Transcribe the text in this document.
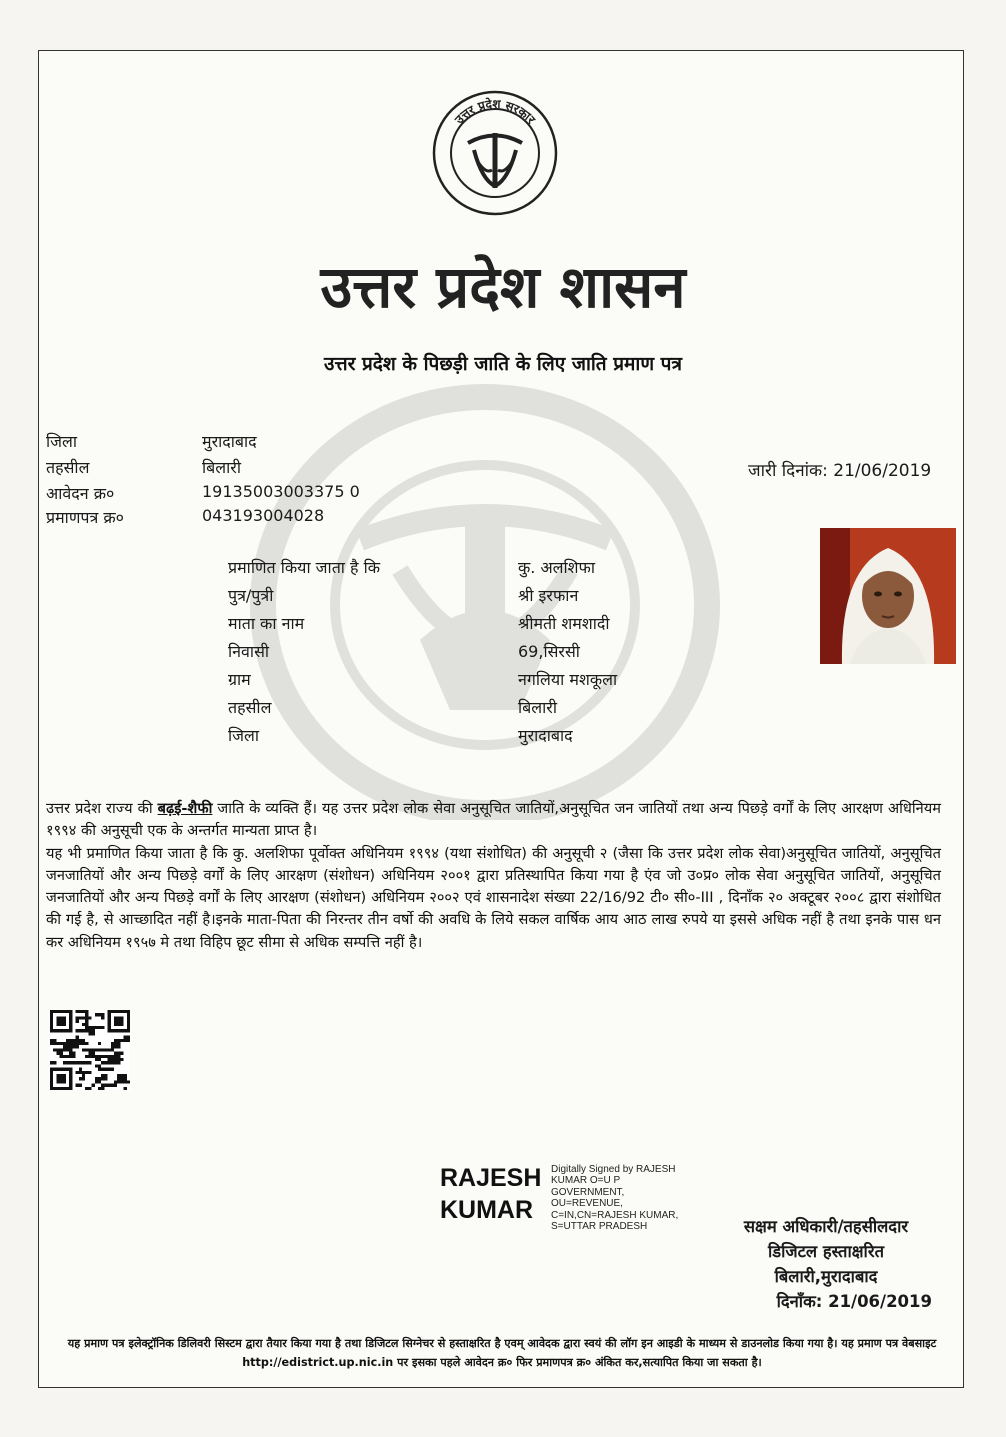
उत्तर प्रदेश सरकार
उत्तर प्रदेश शासन
उत्तर प्रदेश के पिछड़ी जाति के लिए जाति प्रमाण पत्र
जिला	मुरादाबाद
तहसील	बिलारी
आवेदन क्र०	19135003003375 0
प्रमाणपत्र क्र०	043193004028
जारी दिनांक: 21/06/2019
प्रमाणित किया जाता है कि	कु. अलशिफा
पुत्र/पुत्री	श्री इरफान
माता का नाम	श्रीमती शमशादी
निवासी	69,सिरसी
ग्राम	नगलिया मशकूला
तहसील	बिलारी
जिला	मुरादाबाद

उत्तर प्रदेश राज्य की बढ़ई-शैफी जाति के व्यक्ति हैं। यह उत्तर प्रदेश लोक सेवा अनुसूचित जातियों,अनुसूचित जन जातियों तथा अन्य पिछड़े वर्गों के लिए आरक्षण अधिनियम १९९४ की अनुसूची एक के अन्तर्गत मान्यता प्राप्त है।

यह भी प्रमाणित किया जाता है कि कु. अलशिफा पूर्वोक्त अधिनियम १९९४ (यथा संशोधित) की अनुसूची २ (जैसा कि उत्तर प्रदेश लोक सेवा)अनुसूचित जातियों, अनुसूचित जनजातियों और अन्य पिछड़े वर्गों के लिए आरक्षण (संशोधन) अधिनियम २००१ द्वारा प्रतिस्थापित किया गया है एंव जो उ०प्र० लोक सेवा अनुसूचित जातियों, अनुसूचित जनजातियों और अन्य पिछड़े वर्गों के लिए आरक्षण (संशोधन) अधिनियम २००२ एवं शासनादेश संख्या 22/16/92 टी० सी०-III , दिनाँक २० अक्टूबर २००८ द्वारा संशोधित की गई है, से आच्छादित नहीं है।इनके माता-पिता की निरन्तर तीन वर्षो की अवधि के लिये सकल वार्षिक आय आठ लाख रुपये या इससे अधिक नहीं है तथा इनके पास धन कर अधिनियम १९५७ मे तथा विहिप छूट सीमा से अधिक सम्पत्ति नहीं है।

RAJESH
KUMAR
Digitally Signed by RAJESH KUMAR O=U P GOVERNMENT, OU=REVENUE, C=IN,CN=RAJESH KUMAR, S=UTTAR PRADESH	सक्षम अधिकारी/तहसीलदार
डिजिटल हस्ताक्षरित
बिलारी,मुरादाबाद
दिनाँक: 21/06/2019
यह प्रमाण पत्र इलेक्ट्रॉनिक डिलिवरी सिस्टम द्वारा तैयार किया गया है तथा डिजिटल सिग्नेचर से हस्ताक्षरित है एवम् आवेदक द्वारा स्वयं की लॉग इन आइडी के माध्यम से डाउनलोड किया गया है। यह प्रमाण पत्र वेबसाइट http://edistrict.up.nic.in पर इसका पहले आवेदन क्र० फिर प्रमाणपत्र क्र० अंकित कर,सत्यापित किया जा सकता है।
